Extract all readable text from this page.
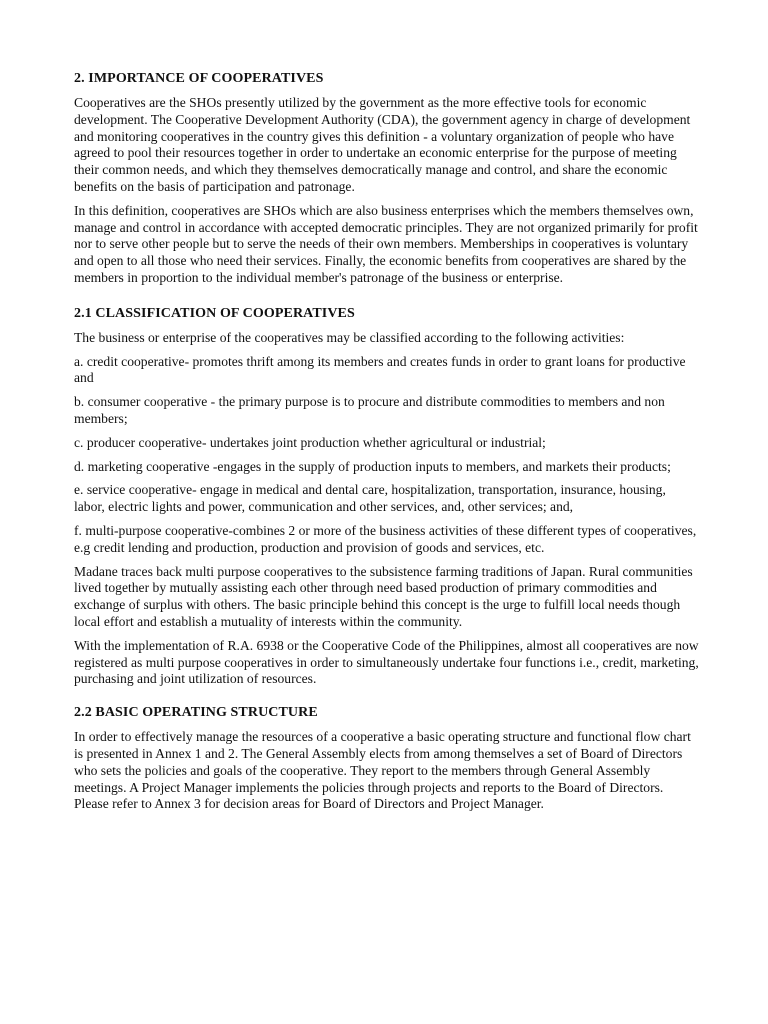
2. IMPORTANCE OF COOPERATIVES

Cooperatives are the SHOs presently utilized by the government as the more effective tools for economic development. The Cooperative Development Authority (CDA), the government agency in charge of development and monitoring cooperatives in the country gives this definition - a voluntary organization of people who have agreed to pool their resources together in order to undertake an economic enterprise for the purpose of meeting their common needs, and which they themselves democratically manage and control, and share the economic benefits on the basis of participation and patronage.

In this definition, cooperatives are SHOs which are also business enterprises which the members themselves own, manage and control in accordance with accepted democratic principles. They are not organized primarily for profit nor to serve other people but to serve the needs of their own members. Memberships in cooperatives is voluntary and open to all those who need their services. Finally, the economic benefits from cooperatives are shared by the members in proportion to the individual member's patronage of the business or enterprise.

2.1 CLASSIFICATION OF COOPERATIVES

The business or enterprise of the cooperatives may be classified according to the following activities:

a. credit cooperative- promotes thrift among its members and creates funds in order to grant loans for productive and

b. consumer cooperative - the primary purpose is to procure and distribute commodities to members and non members;

c. producer cooperative- undertakes joint production whether agricultural or industrial;

d. marketing cooperative -engages in the supply of production inputs to members, and markets their products;

e. service cooperative- engage in medical and dental care, hospitalization, transportation, insurance, housing, labor, electric lights and power, communication and other services, and, other services; and,

f. multi-purpose cooperative-combines 2 or more of the business activities of these different types of cooperatives, e.g credit lending and production, production and provision of goods and services, etc.

Madane traces back multi purpose cooperatives to the subsistence farming traditions of Japan. Rural communities lived together by mutually assisting each other through need based production of primary commodities and exchange of surplus with others. The basic principle behind this concept is the urge to fulfill local needs though local effort and establish a mutuality of interests within the community.

With the implementation of R.A. 6938 or the Cooperative Code of the Philippines, almost all cooperatives are now registered as multi purpose cooperatives in order to simultaneously undertake four functions i.e., credit, marketing, purchasing and joint utilization of resources.

2.2 BASIC OPERATING STRUCTURE

In order to effectively manage the resources of a cooperative a basic operating structure and functional flow chart is presented in Annex 1 and 2. The General Assembly elects from among themselves a set of Board of Directors who sets the policies and goals of the cooperative. They report to the members through General Assembly meetings. A Project Manager implements the policies through projects and reports to the Board of Directors. Please refer to Annex 3 for decision areas for Board of Directors and Project Manager.
